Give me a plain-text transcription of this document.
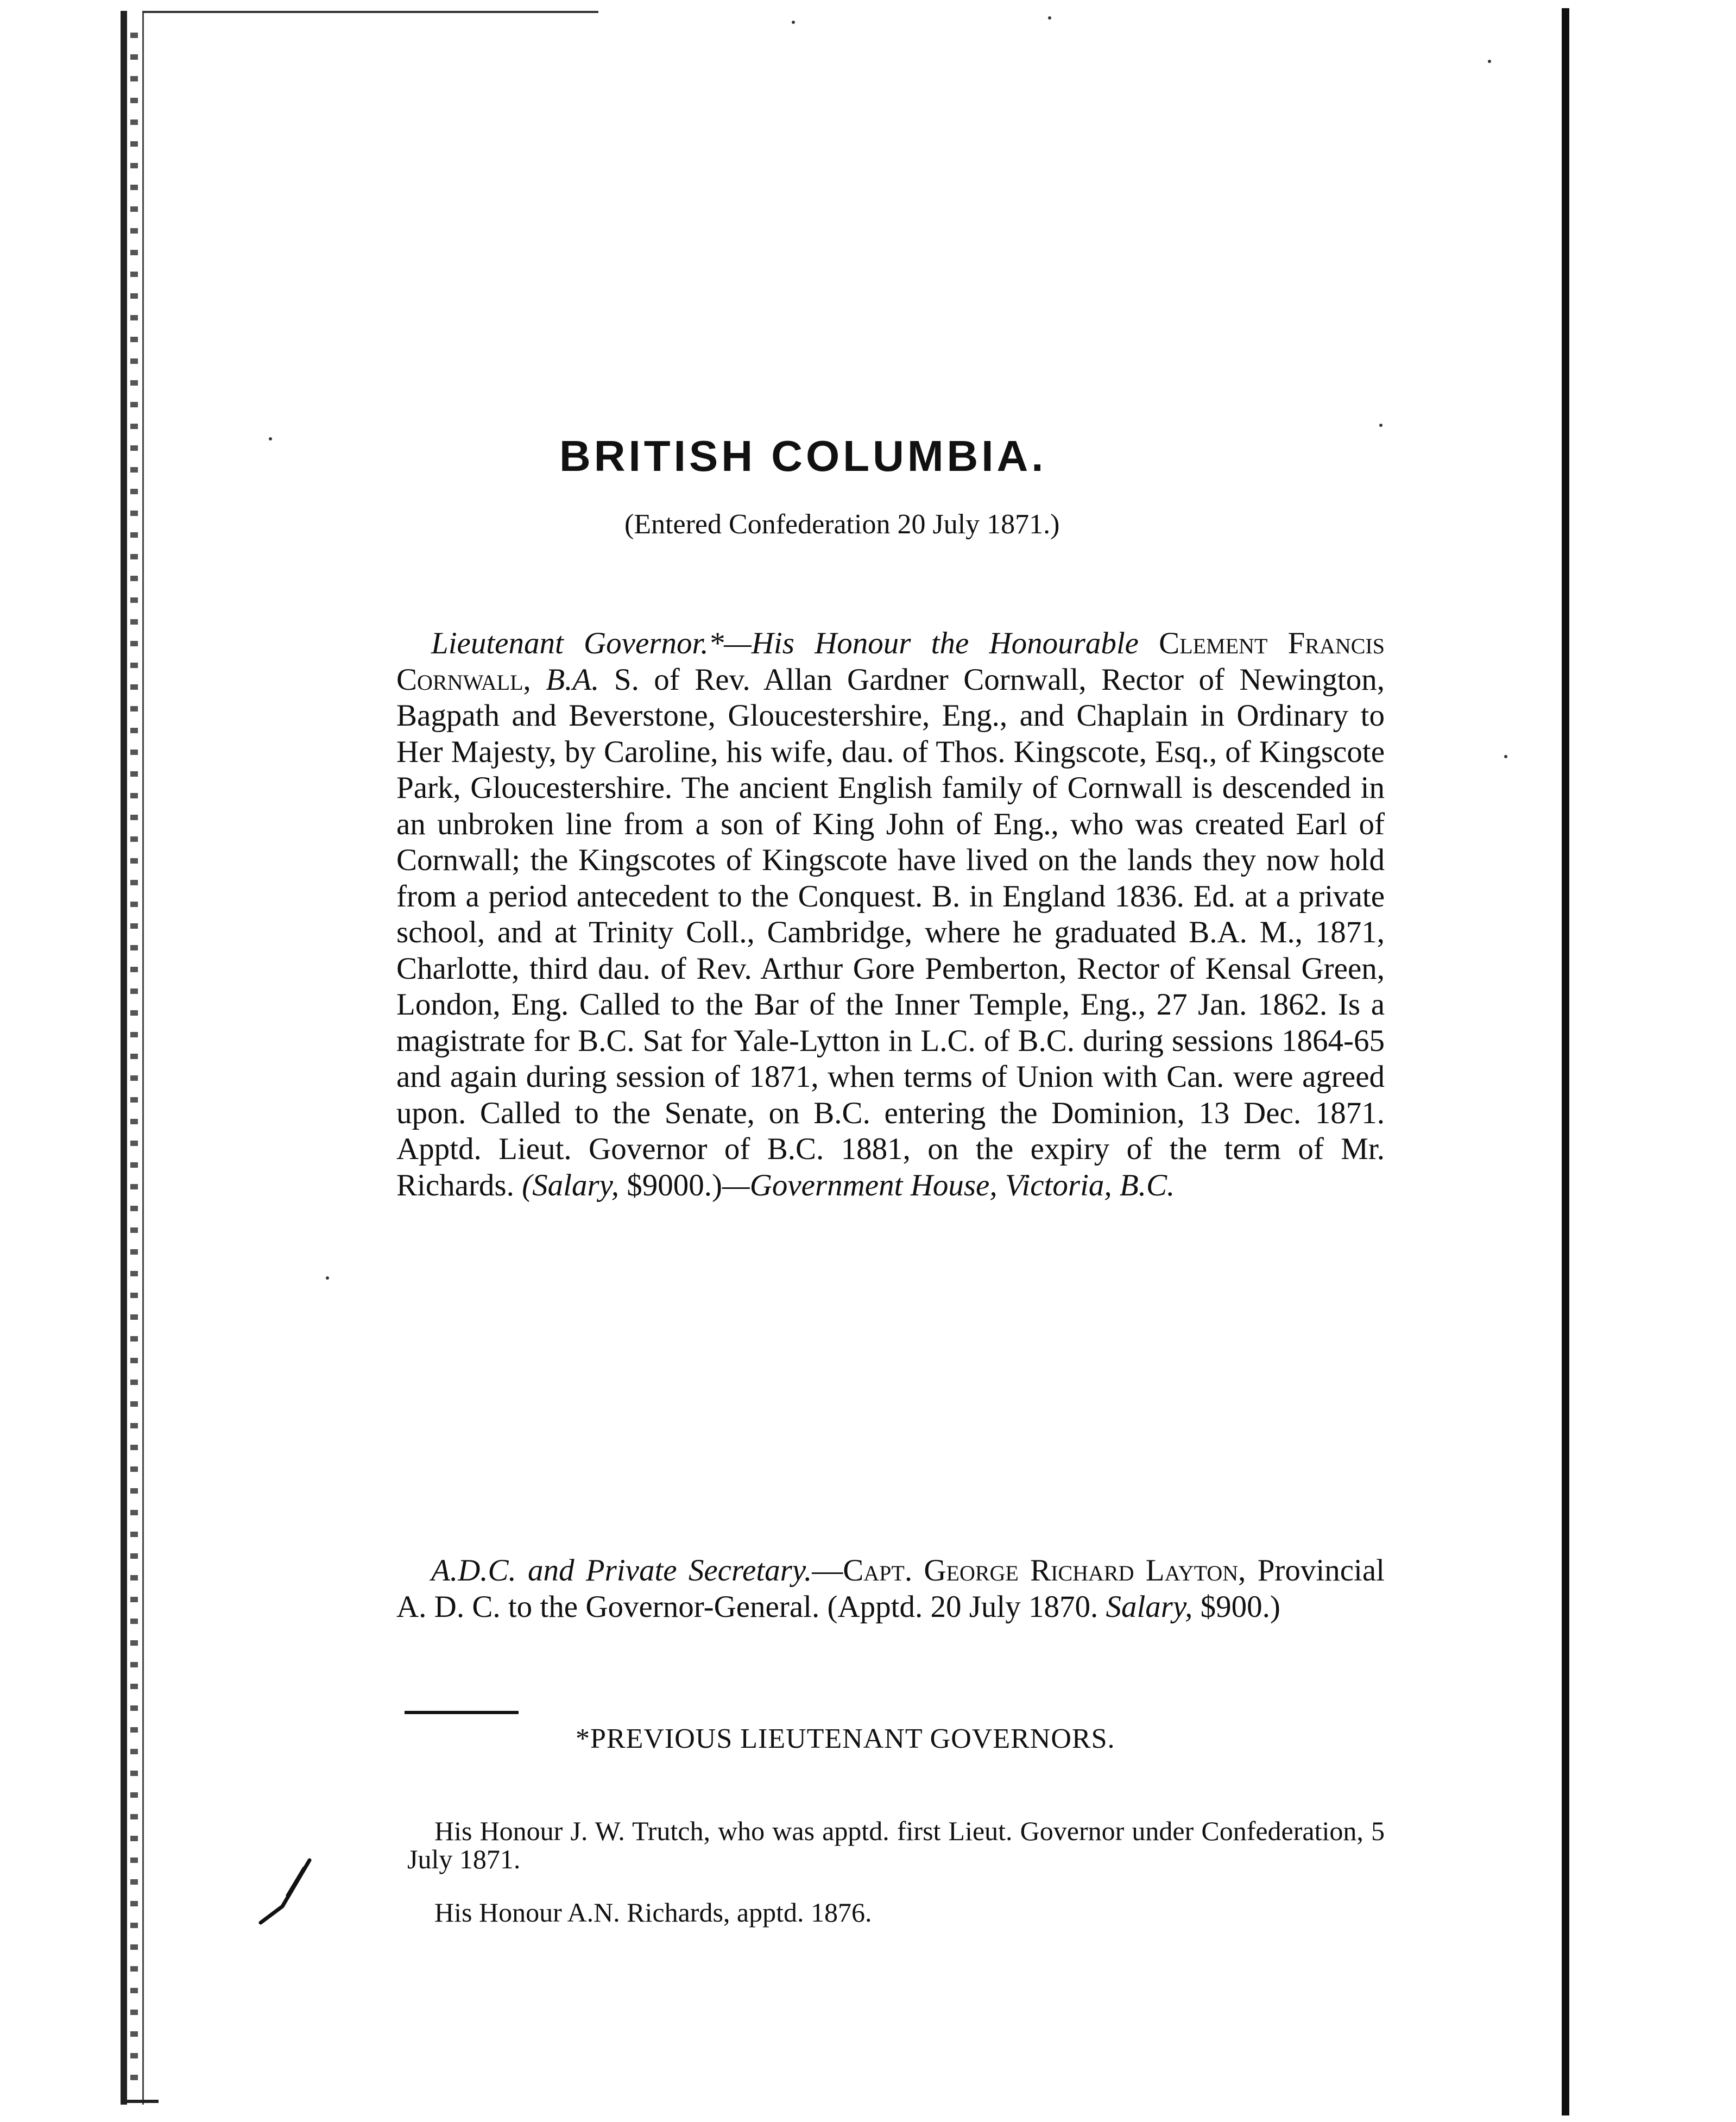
BRITISH COLUMBIA.
(Entered Confederation 20 July 1871.)

Lieutenant Governor.*—His Honour the Honourable Clement Francis Cornwall, B.A. S. of Rev. Allan Gardner Cornwall, Rector of Newington, Bagpath and Beverstone, Gloucestershire, Eng., and Chaplain in Ordinary to Her Majesty, by Caroline, his wife, dau. of Thos. Kingscote, Esq., of Kingscote Park, Gloucestershire. The ancient English family of Cornwall is descended in an unbroken line from a son of King John of Eng., who was created Earl of Cornwall; the Kingscotes of Kingscote have lived on the lands they now hold from a period antecedent to the Conquest. B. in England 1836. Ed. at a private school, and at Trinity Coll., Cambridge, where he graduated B.A. M., 1871, Charlotte, third dau. of Rev. Arthur Gore Pemberton, Rector of Kensal Green, London, Eng. Called to the Bar of the Inner Temple, Eng., 27 Jan. 1862. Is a magistrate for B.C. Sat for Yale-Lytton in L.C. of B.C. during sessions 1864-65 and again during session of 1871, when terms of Union with Can. were agreed upon. Called to the Senate, on B.C. entering the Dominion, 13 Dec. 1871. Apptd. Lieut. Governor of B.C. 1881, on the expiry of the term of Mr. Richards. (Salary, $9000.)—Government House, Victoria, B.C.

A.D.C. and Private Secretary.—Capt. George Richard Layton, Provincial A. D. C. to the Governor-General. (Apptd. 20 July 1870. Salary, $900.)

*PREVIOUS LIEUTENANT GOVERNORS.

His Honour J. W. Trutch, who was apptd. first Lieut. Governor under Confederation, 5 July 1871.

His Honour A.N. Richards, apptd. 1876.
